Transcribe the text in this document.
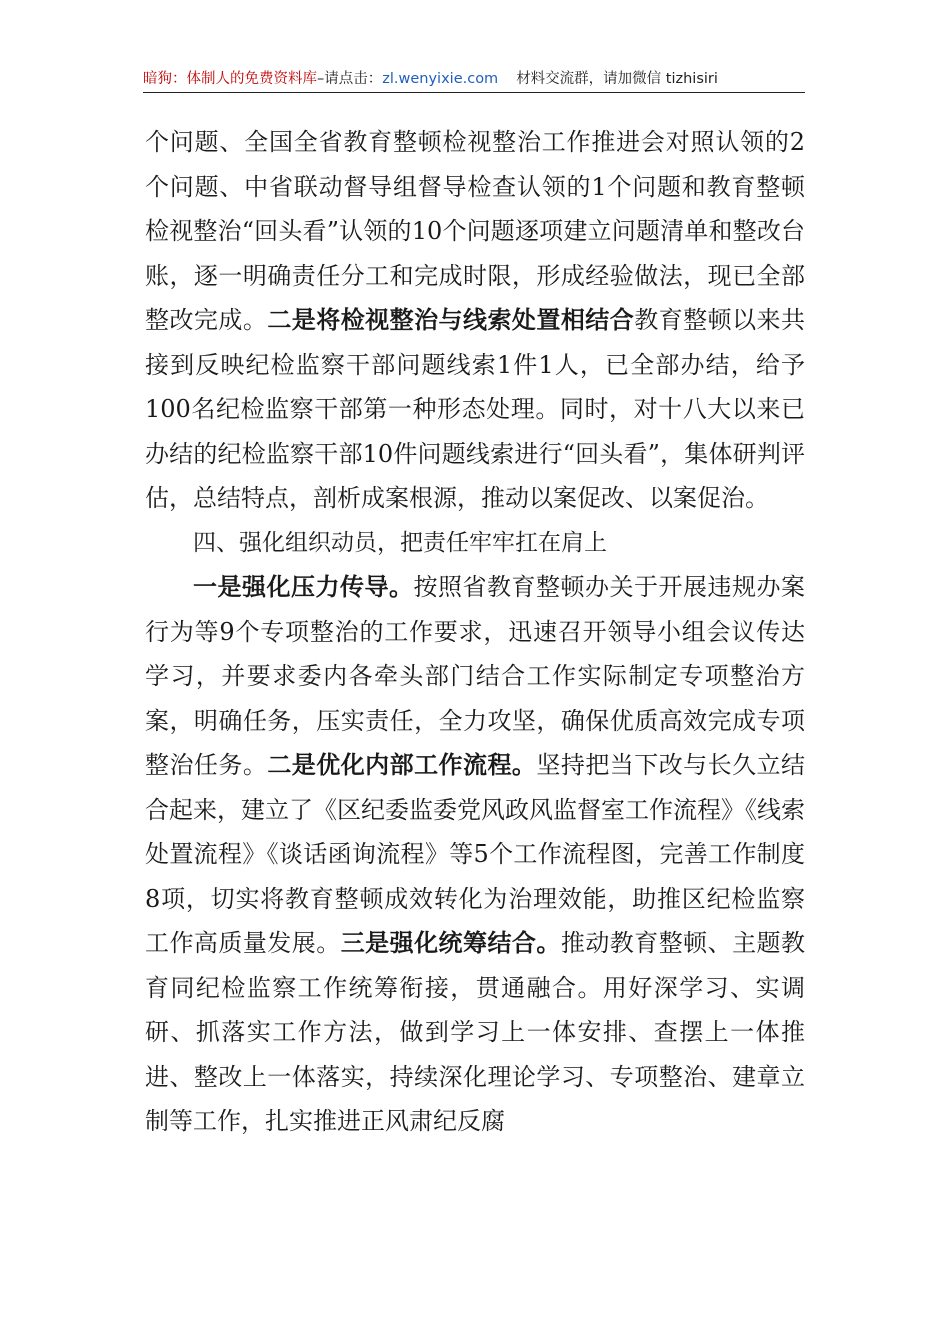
暗狗：体制人的免费资料库 –请点击： zl.wenyixie.com 材料交流群，请加微信 tizhisiri

个问题、全国全省教育整顿检视整治工作推进会对照认领的2个问题、中省联动督导组督导检查认领的1个问题和教育整顿检视整治“回头看”认领的10个问题逐项建立问题清单和整改台账，逐一明确责任分工和完成时限，形成经验做法，现已全部整改完成。二是将检视整治与线索处置相结合教育整顿以来共接到反映纪检监察干部问题线索1件1人，已全部办结，给予100名纪检监察干部第一种形态处理。同时，对十八大以来已办结的纪检监察干部10件问题线索进行“回头看”，集体研判评估，总结特点，剖析成案根源，推动以案促改、以案促治。

四、强化组织动员，把责任牢牢扛在肩上

一是强化压力传导。按照省教育整顿办关于开展违规办案行为等9个专项整治的工作要求，迅速召开领导小组会议传达学习，并要求委内各牵头部门结合工作实际制定专项整治方案，明确任务，压实责任，全力攻坚，确保优质高效完成专项整治任务。二是优化内部工作流程。坚持把当下改与长久立结合起来，建立了《区纪委监委党风政风监督室工作流程》《线索处置流程》《谈话函询流程》等5个工作流程图，完善工作制度8项，切实将教育整顿成效转化为治理效能，助推区纪检监察工作高质量发展。三是强化统筹结合。推动教育整顿、主题教育同纪检监察工作统筹衔接，贯通融合。用好深学习、实调研、抓落实工作方法，做到学习上一体安排、查摆上一体推进、整改上一体落实，持续深化理论学习、专项整治、建章立制等工作，扎实推进正风肃纪反腐
